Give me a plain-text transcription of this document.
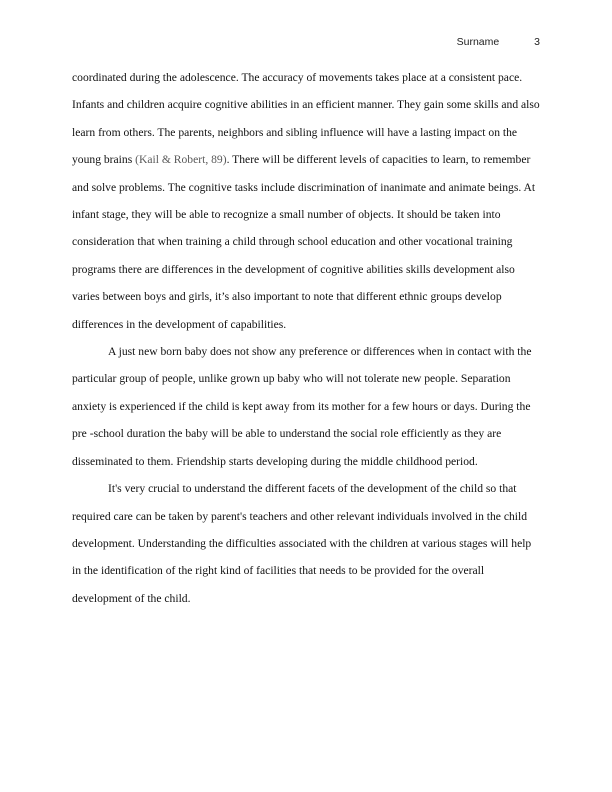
Surname	3

coordinated during the adolescence. The accuracy of movements takes place at a consistent pace. Infants and children acquire cognitive abilities in an efficient manner. They gain some skills and also learn from others. The parents, neighbors and sibling influence will have a lasting impact on the young brains (Kail & Robert, 89). There will be different levels of capacities to learn, to remember and solve problems. The cognitive tasks include discrimination of inanimate and animate beings. At infant stage, they will be able to recognize a small number of objects. It should be taken into consideration that when training a child through school education and other vocational training programs there are differences in the development of cognitive abilities skills development also varies between boys and girls, it’s also important to note that different ethnic groups develop differences in the development of capabilities.

A just new born baby does not show any preference or differences when in contact with the particular group of people, unlike grown up baby who will not tolerate new people. Separation anxiety is experienced if the child is kept away from its mother for a few hours or days. During the pre -school duration the baby will be able to understand the social role efficiently as they are disseminated to them. Friendship starts developing during the middle childhood period.

It's very crucial to understand the different facets of the development of the child so that required care can be taken by parent's teachers and other relevant individuals involved in the child development. Understanding the difficulties associated with the children at various stages will help in the identification of the right kind of facilities that needs to be provided for the overall development of the child.
